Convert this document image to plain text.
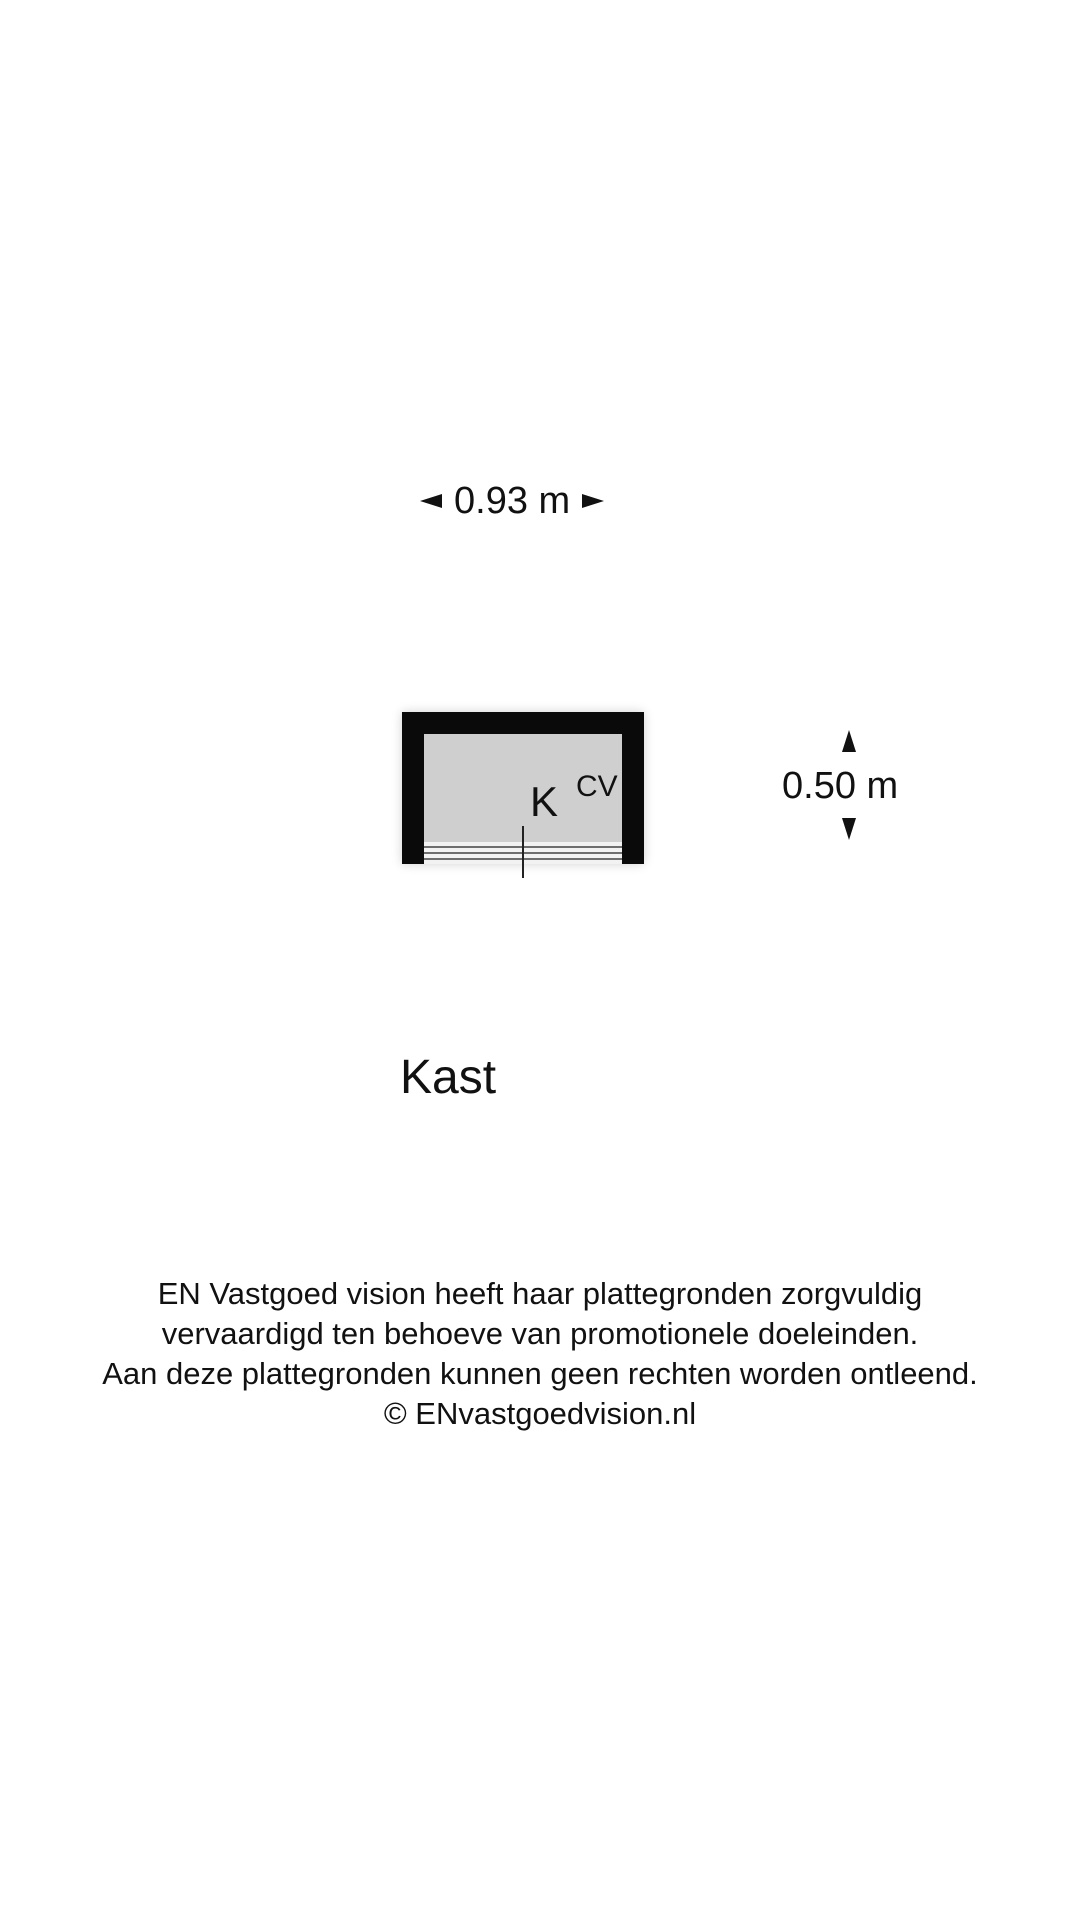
0.93 m
K CV	0.50 m
Kast
EN Vastgoed vision heeft haar plattegronden zorgvuldig
vervaardigd ten behoeve van promotionele doeleinden.
Aan deze plattegronden kunnen geen rechten worden ontleend.
© ENvastgoedvision.nl
